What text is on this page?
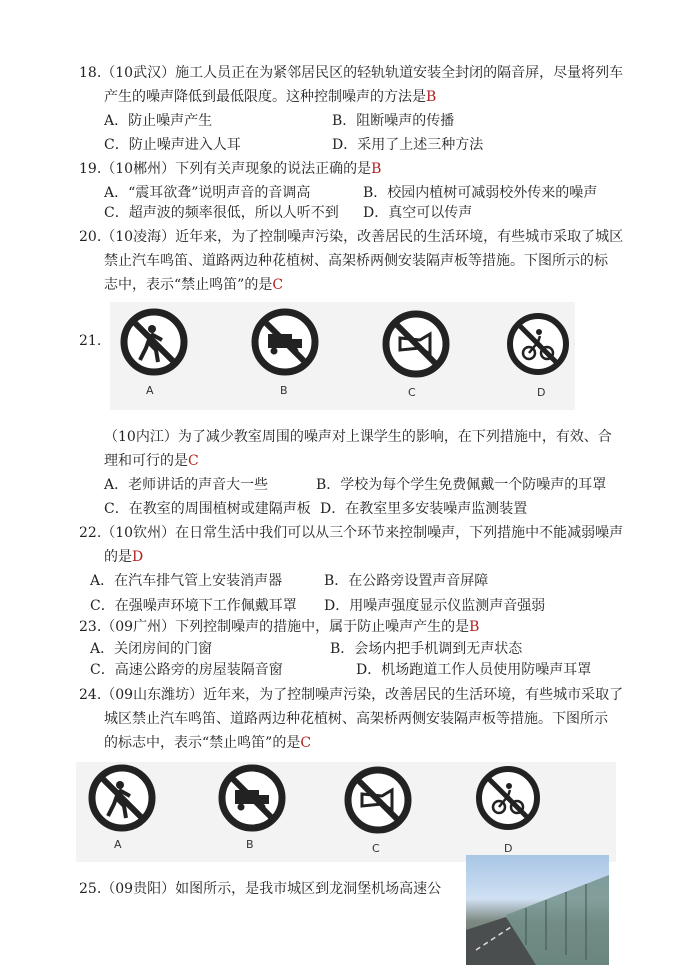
18.（10武汉）施工人员正在为紧邻居民区的轻轨轨道安装全封闭的隔音屏，尽量将列车
产生的噪声降低到最低限度。这种控制噪声的方法是B
A．防止噪声产生	B．阻断噪声的传播
C．防止噪声进入人耳	D．采用了上述三种方法
19.（10郴州）下列有关声现象的说法正确的是B
A．“震耳欲聋”说明声音的音调高	B．校园内植树可减弱校外传来的噪声
C．超声波的频率很低，所以人听不到 D．真空可以传声
20.（10凌海）近年来，为了控制噪声污染，改善居民的生活环境，有些城市采取了城区
禁止汽车鸣笛、道路两边种花植树、高架桥两侧安装隔声板等措施。下图所示的标
志中，表示“禁止鸣笛”的是C
21.
A	B	C	D
（10内江）为了减少教室周围的噪声对上课学生的影响，在下列措施中，有效、合
理和可行的是C
A．老师讲话的声音大一些	B．学校为每个学生免费佩戴一个防噪声的耳罩
C．在教室的周围植树或建隔声板 D．在教室里多安装噪声监测装置
22.（10钦州）在日常生活中我们可以从三个环节来控制噪声，下列措施中不能减弱噪声
的是D
A．在汽车排气管上安装消声器	B．在公路旁设置声音屏障
C．在强噪声环境下工作佩戴耳罩 D．用噪声强度显示仪监测声音强弱
23.（09广州）下列控制噪声的措施中，属于防止噪声产生的是B
A．关闭房间的门窗	B．会场内把手机调到无声状态
C．高速公路旁的房屋装隔音窗	D．机场跑道工作人员使用防噪声耳罩
24.（09山东潍坊）近年来，为了控制噪声污染，改善居民的生活环境，有些城市采取了
城区禁止汽车鸣笛、道路两边种花植树、高架桥两侧安装隔声板等措施。下图所示
的标志中，表示“禁止鸣笛”的是C
A	B	C	D
25.（09贵阳）如图所示，是我市城区到龙洞堡机场高速公
